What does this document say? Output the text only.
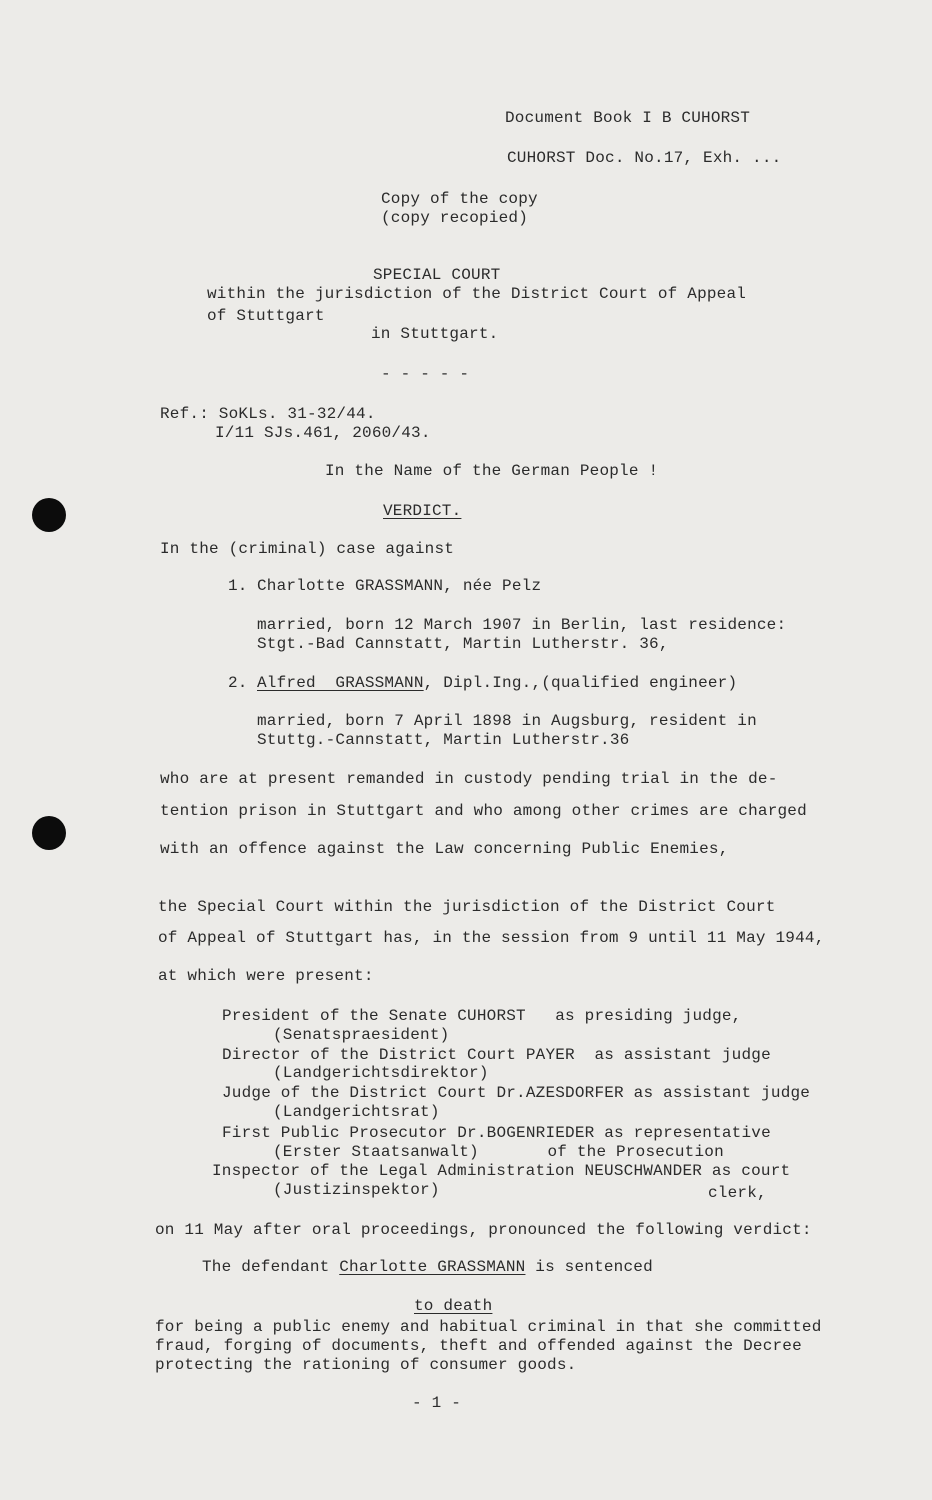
Document Book I B CUHORST
CUHORST Doc. No.17, Exh. ...
Copy of the copy
(copy recopied)
SPECIAL COURT
within the jurisdiction of the District Court of Appeal
of Stuttgart
in Stuttgart.
- - - - -
Ref.: SoKLs. 31-32/44.
I/11 SJs.461, 2060/43.
In the Name of the German People !
VERDICT.
In the (criminal) case against
1. Charlotte GRASSMANN, née Pelz
married, born 12 March 1907 in Berlin, last residence:
Stgt.-Bad Cannstatt, Martin Lutherstr. 36,
2. Alfred  GRASSMANN, Dipl.Ing.,(qualified engineer)
married, born 7 April 1898 in Augsburg, resident in
Stuttg.-Cannstatt, Martin Lutherstr.36
who are at present remanded in custody pending trial in the de-
tention prison in Stuttgart and who among other crimes are charged
with an offence against the Law concerning Public Enemies,
the Special Court within the jurisdiction of the District Court
of Appeal of Stuttgart has, in the session from 9 until 11 May 1944,
at which were present:
President of the Senate CUHORST   as presiding judge,
(Senatspraesident)
Director of the District Court PAYER  as assistant judge
(Landgerichtsdirektor)
Judge of the District Court Dr.AZESDORFER as assistant judge
(Landgerichtsrat)
First Public Prosecutor Dr.BOGENRIEDER as representative
(Erster Staatsanwalt)       of the Prosecution
Inspector of the Legal Administration NEUSCHWANDER as court
(Justizinspektor)	clerk,
on 11 May after oral proceedings, pronounced the following verdict:
The defendant Charlotte GRASSMANN is sentenced
to death
for being a public enemy and habitual criminal in that she committed
fraud, forging of documents, theft and offended against the Decree
protecting the rationing of consumer goods.
- 1 -
